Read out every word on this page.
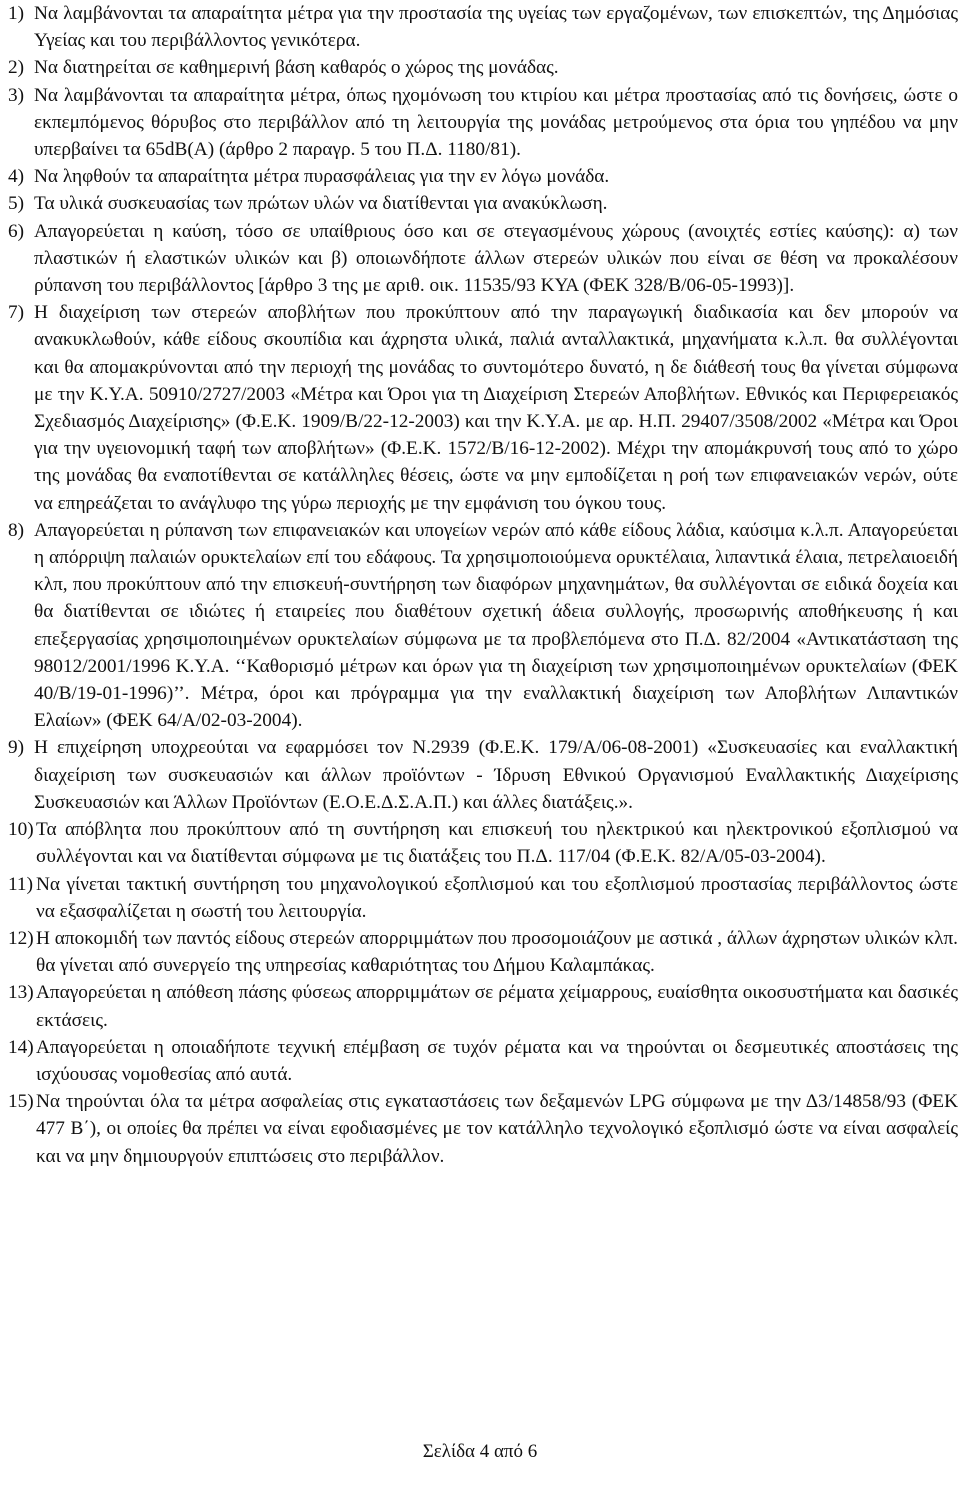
1) Να λαμβάνονται τα απαραίτητα μέτρα για την προστασία της υγείας των εργαζομένων, των επισκεπτών, της Δημόσιας Υγείας και του περιβάλλοντος γενικότερα.
2) Να διατηρείται σε καθημερινή βάση καθαρός ο χώρος της μονάδας.
3) Να λαμβάνονται τα απαραίτητα μέτρα, όπως ηχομόνωση του κτιρίου και μέτρα προστασίας από τις δονήσεις, ώστε ο εκπεμπόμενος θόρυβος στο περιβάλλον από τη λειτουργία της μονάδας μετρούμενος στα όρια του γηπέδου να μην υπερβαίνει τα 65dB(A) (άρθρο 2 παραγρ. 5 του Π.Δ. 1180/81).
4) Να ληφθούν τα απαραίτητα μέτρα πυρασφάλειας για την εν λόγω μονάδα.
5) Τα υλικά συσκευασίας των πρώτων υλών να διατίθενται για ανακύκλωση.
6) Απαγορεύεται η καύση, τόσο σε υπαίθριους όσο και σε στεγασμένους χώρους (ανοιχτές εστίες καύσης): α) των πλαστικών ή ελαστικών υλικών και β) οποιωνδήποτε άλλων στερεών υλικών που είναι σε θέση να προκαλέσουν ρύπανση του περιβάλλοντος [άρθρο 3 της με αριθ. οικ. 11535/93 ΚΥΑ (ΦΕΚ 328/Β/06-05-1993)].
7) Η διαχείριση των στερεών αποβλήτων που προκύπτουν από την παραγωγική διαδικασία και δεν μπορούν να ανακυκλωθούν, κάθε είδους σκουπίδια και άχρηστα υλικά, παλιά ανταλλακτικά, μηχανήματα κ.λ.π. θα συλλέγονται και θα απομακρύνονται από την περιοχή της μονάδας το συντομότερο δυνατό, η δε διάθεσή τους θα γίνεται σύμφωνα με την Κ.Υ.Α. 50910/2727/2003 «Μέτρα και Όροι για τη Διαχείριση Στερεών Αποβλήτων. Εθνικός και Περιφερειακός Σχεδιασμός Διαχείρισης» (Φ.Ε.Κ. 1909/Β/22-12-2003) και την Κ.Υ.Α. με αρ. Η.Π. 29407/3508/2002 «Μέτρα και Όροι για την υγειονομική ταφή των αποβλήτων» (Φ.Ε.Κ. 1572/Β/16-12-2002). Μέχρι την απομάκρυνσή τους από το χώρο της μονάδας θα εναποτίθενται σε κατάλληλες θέσεις, ώστε να μην εμποδίζεται η ροή των επιφανειακών νερών, ούτε να επηρεάζεται το ανάγλυφο της γύρω περιοχής με την εμφάνιση του όγκου τους.
8) Απαγορεύεται η ρύπανση των επιφανειακών και υπογείων νερών από κάθε είδους λάδια, καύσιμα κ.λ.π. Απαγορεύεται η απόρριψη παλαιών ορυκτελαίων επί του εδάφους. Τα χρησιμοποιούμενα ορυκτέλαια, λιπαντικά έλαια, πετρελαιοειδή κλπ, που προκύπτουν από την επισκευή-συντήρηση των διαφόρων μηχανημάτων, θα συλλέγονται σε ειδικά δοχεία και θα διατίθενται σε ιδιώτες ή εταιρείες που διαθέτουν σχετική άδεια συλλογής, προσωρινής αποθήκευσης ή και επεξεργασίας χρησιμοποιημένων ορυκτελαίων σύμφωνα με τα προβλεπόμενα στο Π.Δ. 82/2004 «Αντικατάσταση της 98012/2001/1996 Κ.Υ.Α. ‘‘Καθορισμό μέτρων και όρων για τη διαχείριση των χρησιμοποιημένων ορυκτελαίων (ΦΕΚ 40/Β/19-01-1996)’’. Μέτρα, όροι και πρόγραμμα για την εναλλακτική διαχείριση των Αποβλήτων Λιπαντικών Ελαίων» (ΦΕΚ 64/Α/02-03-2004).
9) Η επιχείρηση υποχρεούται να εφαρμόσει τον Ν.2939 (Φ.Ε.Κ. 179/Α/06-08-2001) «Συσκευασίες και εναλλακτική διαχείριση των συσκευασιών και άλλων προϊόντων - Ίδρυση Εθνικού Οργανισμού Εναλλακτικής Διαχείρισης Συσκευασιών και Άλλων Προϊόντων (Ε.Ο.Ε.Δ.Σ.Α.Π.) και άλλες διατάξεις.».
10) Τα απόβλητα που προκύπτουν από τη συντήρηση και επισκευή του ηλεκτρικού και ηλεκτρονικού εξοπλισμού να συλλέγονται και να διατίθενται σύμφωνα με τις διατάξεις του Π.Δ. 117/04 (Φ.Ε.Κ. 82/Α/05-03-2004).
11) Να γίνεται τακτική συντήρηση του μηχανολογικού εξοπλισμού και του εξοπλισμού προστασίας περιβάλλοντος ώστε να εξασφαλίζεται η σωστή του λειτουργία.
12) Η αποκομιδή των παντός είδους στερεών απορριμμάτων που προσομοιάζουν με αστικά , άλλων άχρηστων υλικών κλπ. θα γίνεται από συνεργείο της υπηρεσίας καθαριότητας του Δήμου Καλαμπάκας.
13) Απαγορεύεται η απόθεση πάσης φύσεως απορριμμάτων σε ρέματα χείμαρρους, ευαίσθητα οικοσυστήματα και δασικές εκτάσεις.
14) Απαγορεύεται η οποιαδήποτε τεχνική επέμβαση σε τυχόν ρέματα και να τηρούνται οι δεσμευτικές αποστάσεις της ισχύουσας νομοθεσίας από αυτά.
15) Να τηρούνται όλα τα μέτρα ασφαλείας στις εγκαταστάσεις των δεξαμενών LPG σύμφωνα με την Δ3/14858/93 (ΦΕΚ 477 Β΄), οι οποίες θα πρέπει να είναι εφοδιασμένες με τον κατάλληλο τεχνολογικό εξοπλισμό ώστε να είναι ασφαλείς και να μην δημιουργούν επιπτώσεις στο περιβάλλον.
Σελίδα 4 από 6
